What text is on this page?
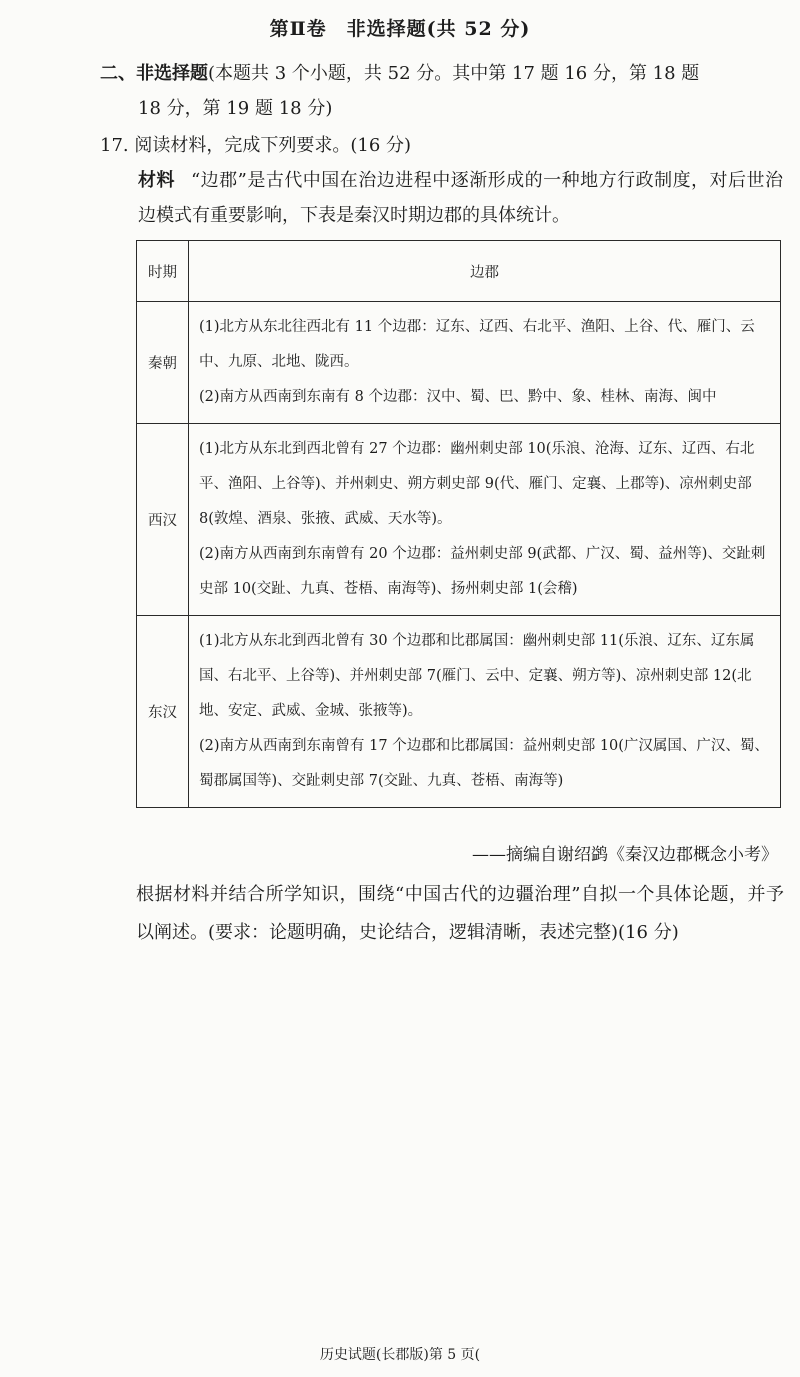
第Ⅱ卷　非选择题(共 52 分)
二、非选择题(本题共 3 个小题，共 52 分。其中第 17 题 16 分，第 18 题
18 分，第 19 题 18 分)
17. 阅读材料，完成下列要求。(16 分)
材料 “边郡”是古代中国在治边进程中逐渐形成的一种地方行政制度，对后世治边模式有重要影响，下表是秦汉时期边郡的具体统计。
时期	边郡
秦朝	(1)北方从东北往西北有 11 个边郡：辽东、辽西、右北平、渔阳、上谷、代、雁门、云中、九原、北地、陇西。
(2)南方从西南到东南有 8 个边郡：汉中、蜀、巴、黔中、象、桂林、南海、闽中

西汉	(1)北方从东北到西北曾有 27 个边郡：幽州刺史部 10(乐浪、沧海、辽东、辽西、右北平、渔阳、上谷等)、并州刺史、朔方刺史部 9(代、雁门、定襄、上郡等)、凉州刺史部 8(敦煌、酒泉、张掖、武威、天水等)。
(2)南方从西南到东南曾有 20 个边郡：益州刺史部 9(武都、广汉、蜀、益州等)、交趾刺史部 10(交趾、九真、苍梧、南海等)、扬州刺史部 1(会稽)

东汉	(1)北方从东北到西北曾有 30 个边郡和比郡属国：幽州刺史部 11(乐浪、辽东、辽东属国、右北平、上谷等)、并州刺史部 7(雁门、云中、定襄、朔方等)、凉州刺史部 12(北地、安定、武威、金城、张掖等)。
(2)南方从西南到东南曾有 17 个边郡和比郡属国：益州刺史部 10(广汉属国、广汉、蜀、蜀郡属国等)、交趾刺史部 7(交趾、九真、苍梧、南海等)
——摘编自谢绍鹢《秦汉边郡概念小考》
根据材料并结合所学知识，围绕“中国古代的边疆治理”自拟一个具体论题，并予以阐述。(要求：论题明确，史论结合，逻辑清晰，表述完整)(16 分)
历史试题(长郡版)第 5 页(
